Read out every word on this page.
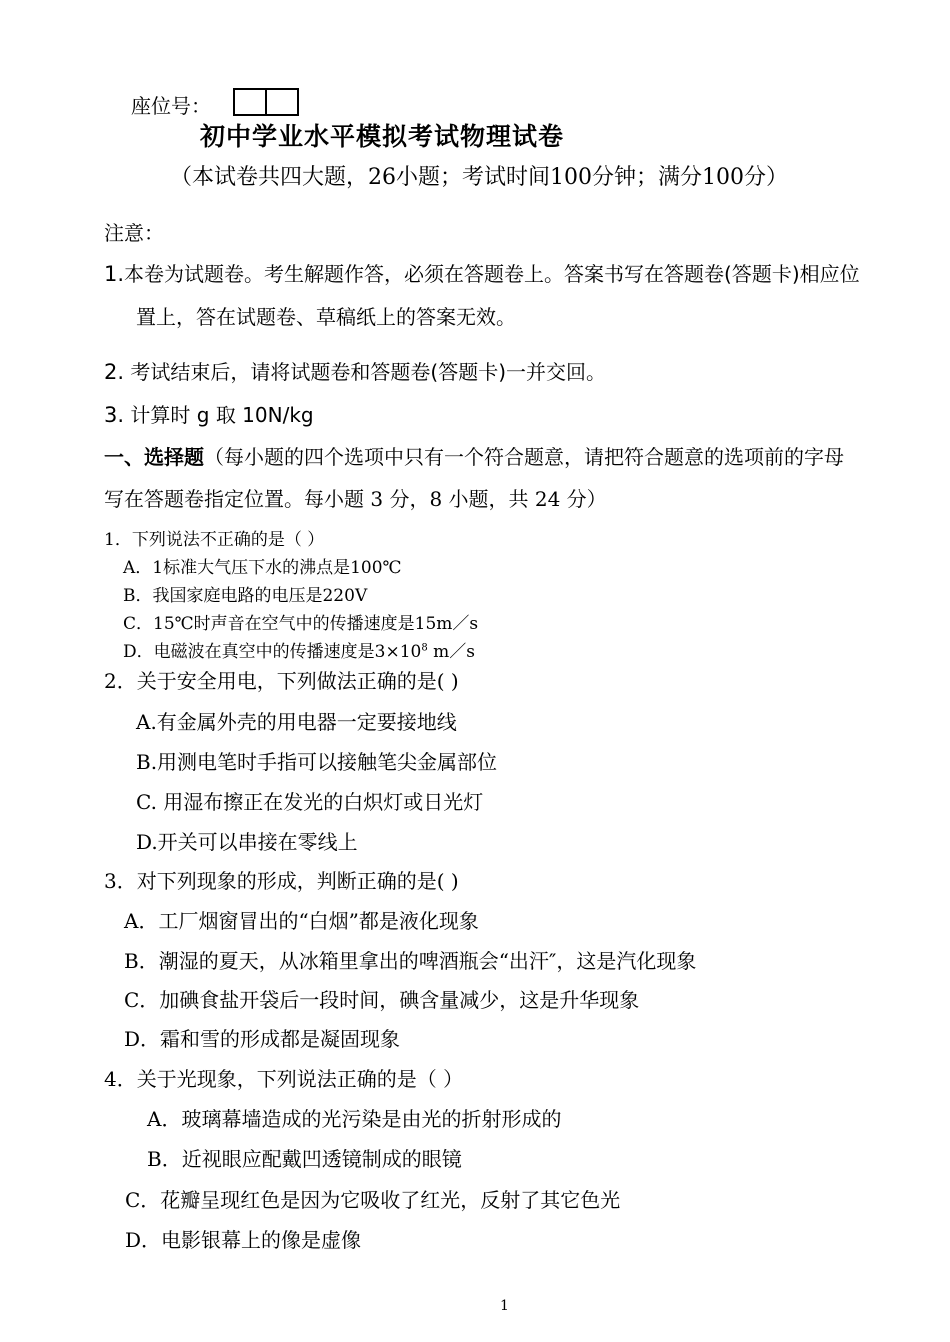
座位号：
初中学业水平模拟考试物理试卷
（本试卷共四大题，26小题；考试时间100分钟；满分100分）
注意：
1.本卷为试题卷。考生解题作答，必须在答题卷上。答案书写在答题卷(答题卡)相应位
置上，答在试题卷、草稿纸上的答案无效。
2. 考试结束后，请将试题卷和答题卷(答题卡)一并交回。
3. 计算时 g 取 10N/kg
一、选择题（每小题的四个选项中只有一个符合题意，请把符合题意的选项前的字母
写在答题卷指定位置。每小题 3 分，8 小题，共 24 分）
1．下列说法不正确的是（ ）
A．1标准大气压下水的沸点是100℃
B．我国家庭电路的电压是220V
C．15℃时声音在空气中的传播速度是15m／s
D．电磁波在真空中的传播速度是$3\times 10^8$ m／s
2．关于安全用电，下列做法正确的是( )
A.有金属外壳的用电器一定要接地线
B.用测电笔时手指可以接触笔尖金属部位
C. 用湿布擦正在发光的白炽灯或日光灯
D.开关可以串接在零线上
3．对下列现象的形成，判断正确的是( )
A．工厂烟窗冒出的“白烟”都是液化现象
B．潮湿的夏天，从冰箱里拿出的啤酒瓶会“出汗″，这是汽化现象
C．加碘食盐开袋后一段时间，碘含量减少，这是升华现象
D．霜和雪的形成都是凝固现象
4．关于光现象，下列说法正确的是（ ）
A．玻璃幕墙造成的光污染是由光的折射形成的
B．近视眼应配戴凹透镜制成的眼镜
C．花瓣呈现红色是因为它吸收了红光，反射了其它色光
D．电影银幕上的像是虚像
1
